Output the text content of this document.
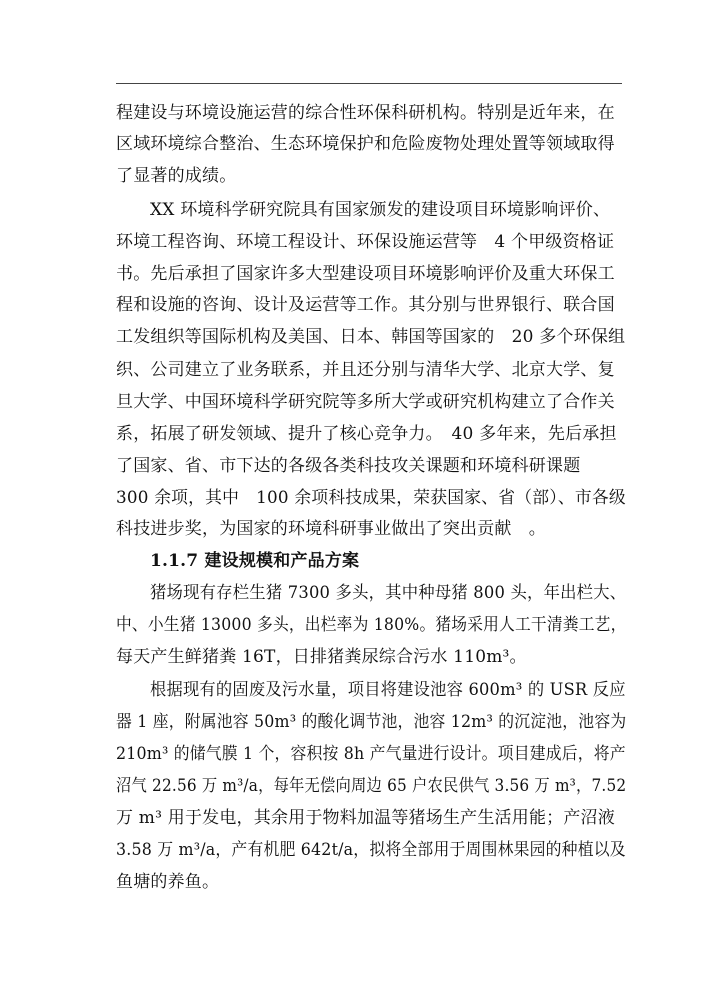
程建设与环境设施运营的综合性环保科研机构。特别是近年来，在
区域环境综合整治、生态环境保护和危险废物处理处置等领域取得
了显著的成绩。
XX 环境科学研究院具有国家颁发的建设项目环境影响评价、
环境工程咨询、环境工程设计、环保设施运营等　4 个甲级资格证
书。先后承担了国家许多大型建设项目环境影响评价及重大环保工
程和设施的咨询、设计及运营等工作。其分别与世界银行、联合国
工发组织等国际机构及美国、日本、韩国等国家的　20 多个环保组
织、公司建立了业务联系，并且还分别与清华大学、北京大学、复
旦大学、中国环境科学研究院等多所大学或研究机构建立了合作关
系，拓展了研发领域、提升了核心竞争力。　40 多年来，先后承担
了国家、省、市下达的各级各类科技攻关课题和环境科研课题
300 余项，其中　100 余项科技成果，荣获国家、省（部）、市各级
科技进步奖，为国家的环境科研事业做出了突出贡献　。
1.1.7 建设规模和产品方案
猪场现有存栏生猪 7300 多头，其中种母猪 800 头，年出栏大、
中、小生猪 13000 多头，出栏率为 180%。猪场采用人工干清粪工艺，
每天产生鲜猪粪 16T，日排猪粪尿综合污水 110m³。
根据现有的固废及污水量，项目将建设池容 600m³ 的 USR 反应
器 1 座，附属池容 50m³ 的酸化调节池，池容 12m³ 的沉淀池，池容为
210m³ 的储气膜 1 个，容积按 8h 产气量进行设计。项目建成后，将产
沼气 22.56 万 m³/a，每年无偿向周边 65 户农民供气 3.56 万 m³，7.52
万 m³ 用于发电，其余用于物料加温等猪场生产生活用能；产沼液
3.58 万 m³/a，产有机肥 642t/a，拟将全部用于周围林果园的种植以及
鱼塘的养鱼。
